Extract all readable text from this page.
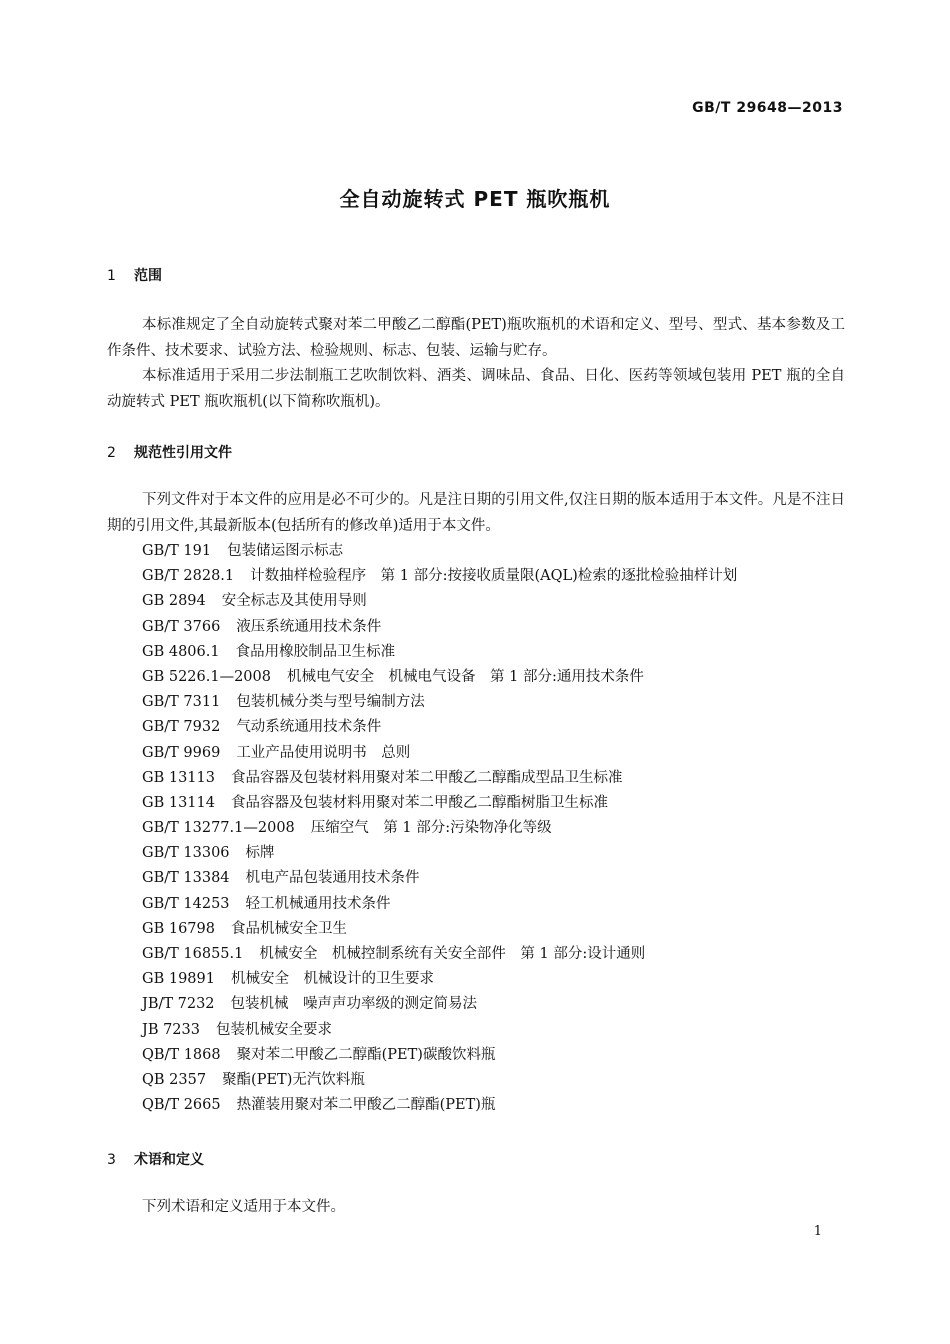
GB/T 29648—2013
全自动旋转式 PET 瓶吹瓶机
1 范围

本标准规定了全自动旋转式聚对苯二甲酸乙二醇酯(PET)瓶吹瓶机的术语和定义、型号、型式、基本参数及工作条件、技术要求、试验方法、检验规则、标志、包装、运输与贮存。

本标准适用于采用二步法制瓶工艺吹制饮料、酒类、调味品、食品、日化、医药等领域包装用 PET 瓶的全自动旋转式 PET 瓶吹瓶机(以下简称吹瓶机)。

2 规范性引用文件

下列文件对于本文件的应用是必不可少的。凡是注日期的引用文件,仅注日期的版本适用于本文件。凡是不注日期的引用文件,其最新版本(包括所有的修改单)适用于本文件。

GB/T 191 包装储运图示标志
GB/T 2828.1 计数抽样检验程序　第 1 部分:按接收质量限(AQL)检索的逐批检验抽样计划
GB 2894 安全标志及其使用导则
GB/T 3766 液压系统通用技术条件
GB 4806.1 食品用橡胶制品卫生标准
GB 5226.1—2008 机械电气安全　机械电气设备　第 1 部分:通用技术条件
GB/T 7311 包装机械分类与型号编制方法
GB/T 7932 气动系统通用技术条件
GB/T 9969 工业产品使用说明书　总则
GB 13113 食品容器及包装材料用聚对苯二甲酸乙二醇酯成型品卫生标准
GB 13114 食品容器及包装材料用聚对苯二甲酸乙二醇酯树脂卫生标准
GB/T 13277.1—2008 压缩空气　第 1 部分:污染物净化等级
GB/T 13306 标牌
GB/T 13384 机电产品包装通用技术条件
GB/T 14253 轻工机械通用技术条件
GB 16798 食品机械安全卫生
GB/T 16855.1 机械安全　机械控制系统有关安全部件　第 1 部分:设计通则
GB 19891 机械安全　机械设计的卫生要求
JB/T 7232 包装机械　噪声声功率级的测定简易法
JB 7233 包装机械安全要求
QB/T 1868 聚对苯二甲酸乙二醇酯(PET)碳酸饮料瓶
QB 2357 聚酯(PET)无汽饮料瓶
QB/T 2665 热灌装用聚对苯二甲酸乙二醇酯(PET)瓶
3 术语和定义

下列术语和定义适用于本文件。

1
